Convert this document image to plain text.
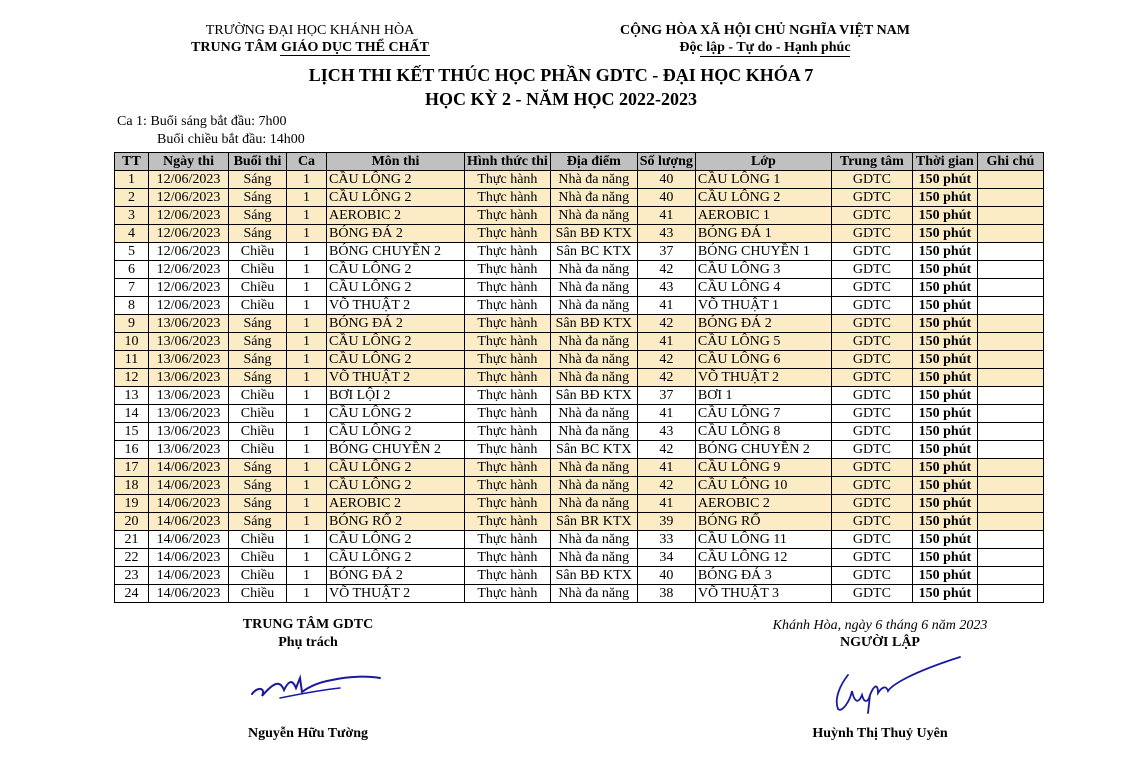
TRƯỜNG ĐẠI HỌC KHÁNH HÒA
TRUNG TÂM GIÁO DỤC THỂ CHẤT
CỘNG HÒA XÃ HỘI CHỦ NGHĨA VIỆT NAM
Độc lập - Tự do - Hạnh phúc
LỊCH THI KẾT THÚC HỌC PHẦN GDTC - ĐẠI HỌC KHÓA 7
HỌC KỲ 2 - NĂM HỌC 2022-2023
Ca 1: Buổi sáng bắt đầu: 7h00
Buổi chiều bắt đầu: 14h00
TT	Ngày thi	Buổi thi	Ca	Môn thi	Hình thức thi	Địa điểm	Số lượng	Lớp	Trung tâm	Thời gian	Ghi chú
1	12/06/2023	Sáng	1	CẦU LÔNG 2	Thực hành	Nhà đa năng	40	CẦU LÔNG 1	GDTC	150 phút	
2	12/06/2023	Sáng	1	CẦU LÔNG 2	Thực hành	Nhà đa năng	40	CẦU LÔNG 2	GDTC	150 phút	
3	12/06/2023	Sáng	1	AEROBIC 2	Thực hành	Nhà đa năng	41	AEROBIC 1	GDTC	150 phút	
4	12/06/2023	Sáng	1	BÓNG ĐÁ 2	Thực hành	Sân BĐ KTX	43	BÓNG ĐÁ 1	GDTC	150 phút	
5	12/06/2023	Chiều	1	BÓNG CHUYỀN 2	Thực hành	Sân BC KTX	37	BÓNG CHUYỀN 1	GDTC	150 phút	
6	12/06/2023	Chiều	1	CẦU LÔNG 2	Thực hành	Nhà đa năng	42	CẦU LÔNG 3	GDTC	150 phút	
7	12/06/2023	Chiều	1	CẦU LÔNG 2	Thực hành	Nhà đa năng	43	CẦU LÔNG 4	GDTC	150 phút	
8	12/06/2023	Chiều	1	VÕ THUẬT 2	Thực hành	Nhà đa năng	41	VÕ THUẬT 1	GDTC	150 phút	
9	13/06/2023	Sáng	1	BÓNG ĐÁ 2	Thực hành	Sân BĐ KTX	42	BÓNG ĐÁ 2	GDTC	150 phút	
10	13/06/2023	Sáng	1	CẦU LÔNG 2	Thực hành	Nhà đa năng	41	CẦU LÔNG 5	GDTC	150 phút	
11	13/06/2023	Sáng	1	CẦU LÔNG 2	Thực hành	Nhà đa năng	42	CẦU LÔNG 6	GDTC	150 phút	
12	13/06/2023	Sáng	1	VÕ THUẬT 2	Thực hành	Nhà đa năng	42	VÕ THUẬT 2	GDTC	150 phút	
13	13/06/2023	Chiều	1	BƠI LỘI 2	Thực hành	Sân BĐ KTX	37	BƠI 1	GDTC	150 phút	
14	13/06/2023	Chiều	1	CẦU LÔNG 2	Thực hành	Nhà đa năng	41	CẦU LÔNG 7	GDTC	150 phút	
15	13/06/2023	Chiều	1	CẦU LÔNG 2	Thực hành	Nhà đa năng	43	CẦU LÔNG 8	GDTC	150 phút	
16	13/06/2023	Chiều	1	BÓNG CHUYỀN 2	Thực hành	Sân BC KTX	42	BÓNG CHUYỀN 2	GDTC	150 phút	
17	14/06/2023	Sáng	1	CẦU LÔNG 2	Thực hành	Nhà đa năng	41	CẦU LÔNG 9	GDTC	150 phút	
18	14/06/2023	Sáng	1	CẦU LÔNG 2	Thực hành	Nhà đa năng	42	CẦU LÔNG 10	GDTC	150 phút	
19	14/06/2023	Sáng	1	AEROBIC 2	Thực hành	Nhà đa năng	41	AEROBIC 2	GDTC	150 phút	
20	14/06/2023	Sáng	1	BÓNG RỔ 2	Thực hành	Sân BR KTX	39	BÓNG RỔ	GDTC	150 phút	
21	14/06/2023	Chiều	1	CẦU LÔNG 2	Thực hành	Nhà đa năng	33	CẦU LÔNG 11	GDTC	150 phút	
22	14/06/2023	Chiều	1	CẦU LÔNG 2	Thực hành	Nhà đa năng	34	CẦU LÔNG 12	GDTC	150 phút	
23	14/06/2023	Chiều	1	BÓNG ĐÁ 2	Thực hành	Sân BĐ KTX	40	BÓNG ĐÁ 3	GDTC	150 phút	
24	14/06/2023	Chiều	1	VÕ THUẬT 2	Thực hành	Nhà đa năng	38	VÕ THUẬT 3	GDTC	150 phút	
TRUNG TÂM GDTC
Phụ trách
Nguyễn Hữu Tường
Khánh Hòa, ngày 6 tháng 6 năm 2023
NGƯỜI LẬP
Huỳnh Thị Thuỷ Uyên
